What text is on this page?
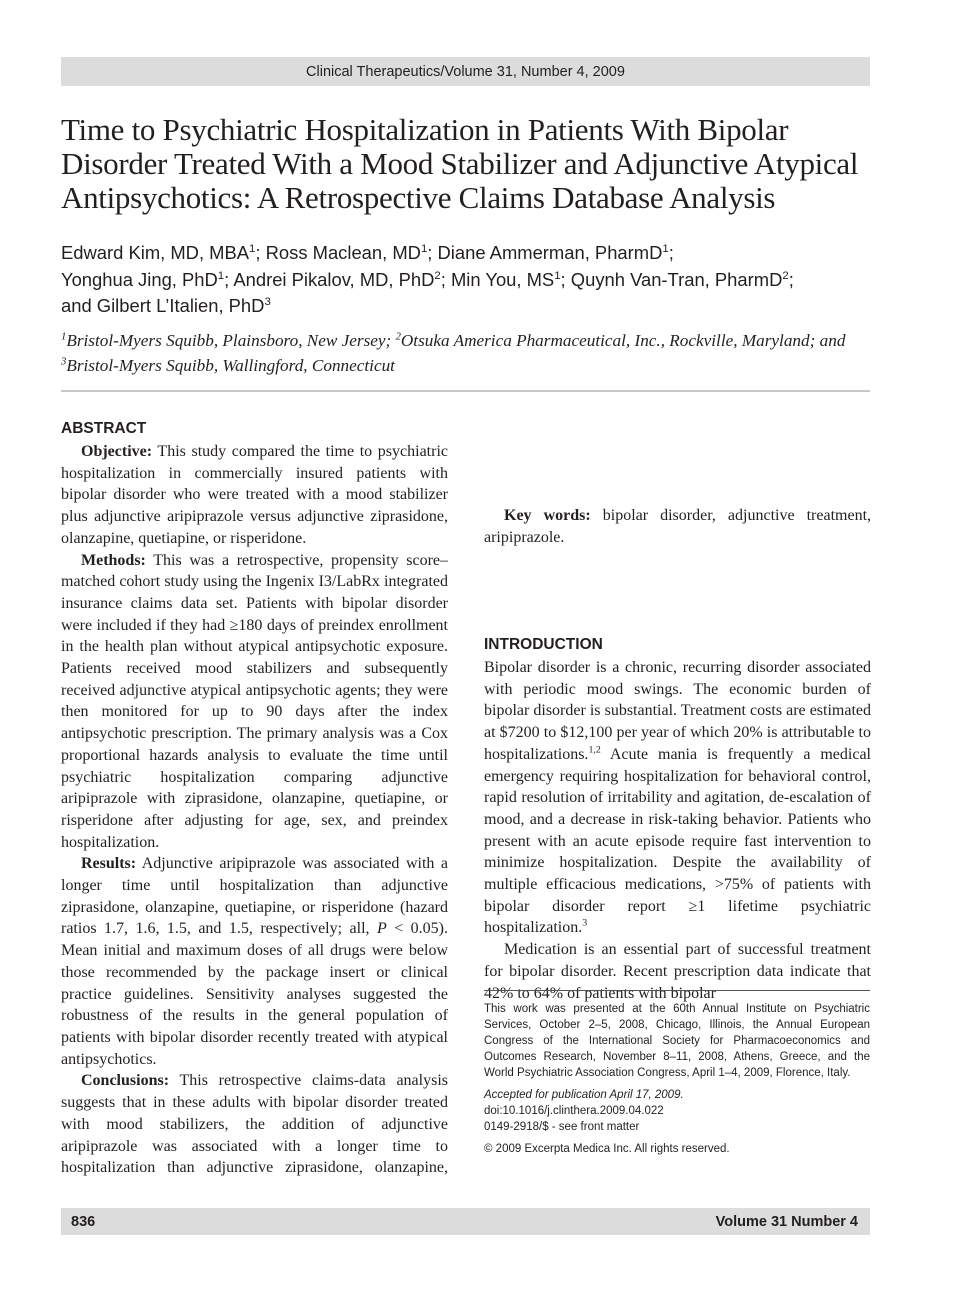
Clinical Therapeutics/Volume 31, Number 4, 2009
Time to Psychiatric Hospitalization in Patients With Bipolar Disorder Treated With a Mood Stabilizer and Adjunctive Atypical Antipsychotics: A Retrospective Claims Database Analysis
Edward Kim, MD, MBA$^1$; Ross Maclean, $MD^1$; Diane Ammerman, PharmD$^1$;
Yonghua Jing, PhD$^1$; Andrei Pikalov, MD, PhD$^2$; Min You, $MS^1$; Quynh Van-Tran, PharmD$^2$;
and Gilbert L’Italien, PhD$^3$
$^1$Bristol-Myers Squibb, Plainsboro, New Jersey; $^2$Otsuka America Pharmaceutical, Inc., Rockville, Maryland; and
$^3$Bristol-Myers Squibb, Wallingford, Connecticut
ABSTRACT

Objective: This study compared the time to psychiatric hospitalization in commercially insured patients with bipolar disorder who were treated with a mood stabilizer plus adjunctive aripiprazole versus adjunctive ziprasidone, olanzapine, quetiapine, or risperidone.

Methods: This was a retrospective, propensity score–matched cohort study using the Ingenix I3/LabRx integrated insurance claims data set. Patients with bipolar disorder were included if they had ≥180 days of preindex enrollment in the health plan without atypical antipsychotic exposure. Patients received mood stabilizers and subsequently received adjunctive atypical antipsychotic agents; they were then monitored for up to 90 days after the index antipsychotic prescription. The primary analysis was a Cox proportional hazards analysis to evaluate the time until psychiatric hospitalization comparing adjunctive aripiprazole with ziprasidone, olanzapine, quetiapine, or risperidone after adjusting for age, sex, and preindex hospitalization.

Results: Adjunctive aripiprazole was associated with a longer time until hospitalization than adjunctive ziprasidone, olanzapine, quetiapine, or risperidone (hazard ratios 1.7, 1.6, 1.5, and 1.5, respectively; all, P < 0.05). Mean initial and maximum doses of all drugs were below those recommended by the package insert or clinical practice guidelines. Sensitivity analyses suggested the robustness of the results in the general population of patients with bipolar disorder recently treated with atypical antipsychotics.

Conclusions: This retrospective claims-data analysis suggests that in these adults with bipolar disorder treated with mood stabilizers, the addition of adjunctive aripiprazole was associated with a longer time to hospitalization than adjunctive ziprasidone, olanzapine,

INTRODUCTION

Bipolar disorder is a chronic, recurring disorder associated with periodic mood swings. The economic burden of bipolar disorder is substantial. Treatment costs are estimated at $7200 to $12,100 per year of which 20% is attributable to hospitalizations.$^{1,2}$ Acute mania is frequently a medical emergency requiring hospitalization for behavioral control, rapid resolution of irritability and agitation, de-escalation of mood, and a decrease in risk-taking behavior. Patients who present with an acute episode require fast intervention to minimize hospitalization. Despite the availability of multiple efficacious medications, >75% of patients with bipolar disorder report ≥1 lifetime psychiatric hospitalization.$^3$

Medication is an essential part of successful treatment for bipolar disorder. Recent prescription data indicate that 42% to 64% of patients with bipolar

Key words: bipolar disorder, adjunctive treatment, aripiprazole.

This work was presented at the 60th Annual Institute on Psychiatric Services, October 2–5, 2008, Chicago, Illinois, the Annual European Congress of the International Society for Pharmacoeconomics and Outcomes Research, November 8–11, 2008, Athens, Greece, and the World Psychiatric Association Congress, April 1–4, 2009, Florence, Italy.

Accepted for publication April 17, 2009.

doi:10.1016/j.clinthera.2009.04.022

0149-2918/$ - see front matter

© 2009 Excerpta Medica Inc. All rights reserved.

836	Volume 31 Number 4
